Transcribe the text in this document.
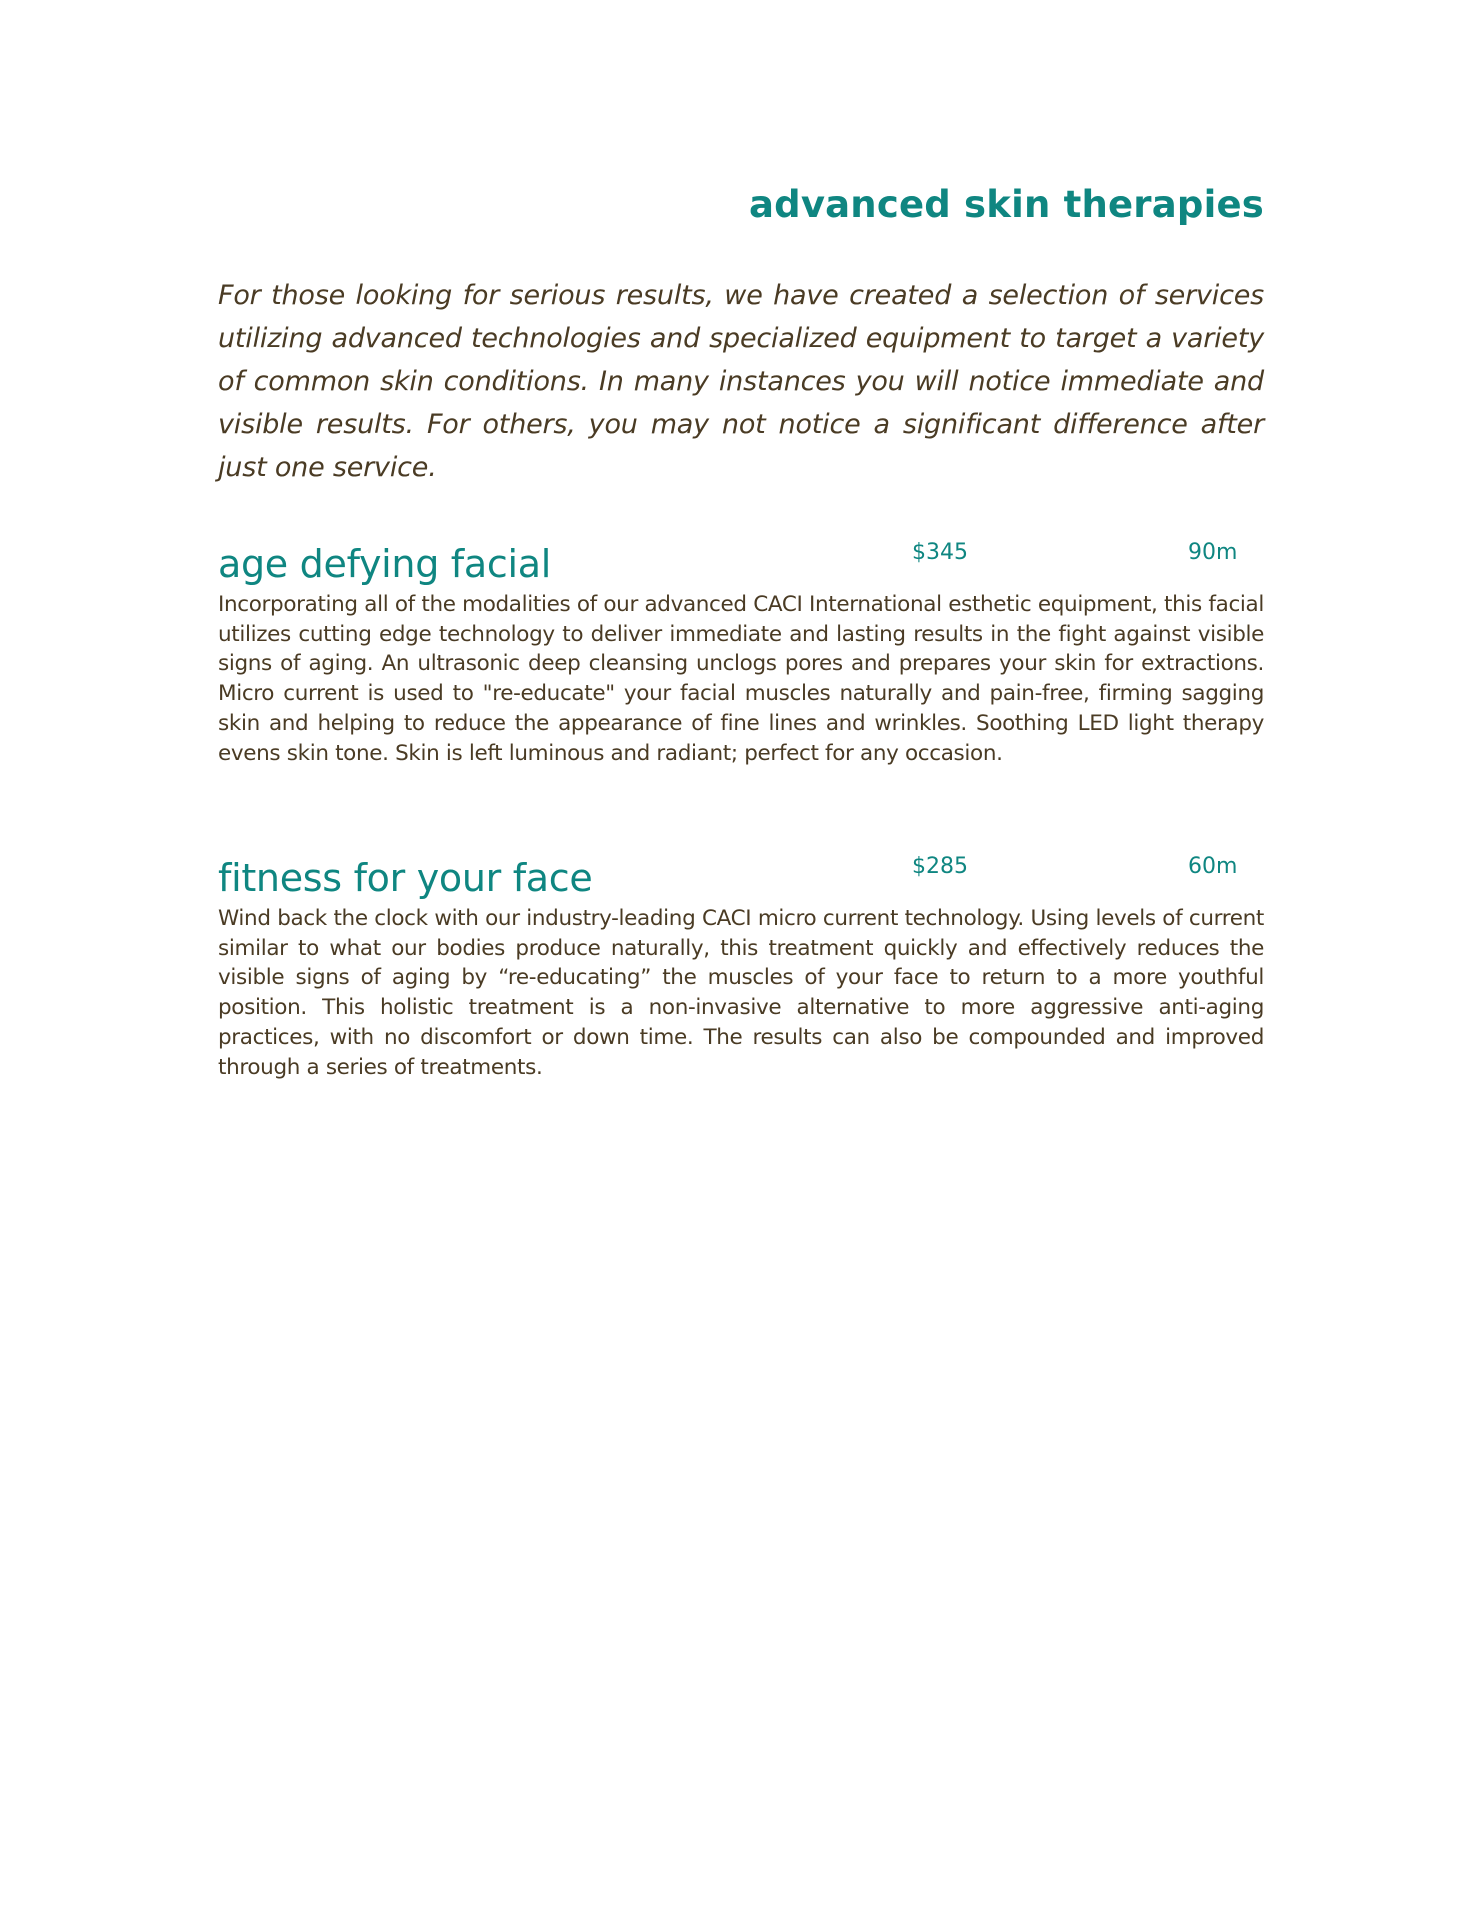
advanced skin therapies

For those looking for serious results, we have created a selection of services utilizing advanced technologies and specialized equipment to target a variety of common skin conditions. In many instances you will notice immediate and visible results. For others, you may not notice a significant difference after just one service.

age defying facial	$345	90m

Incorporating all of the modalities of our advanced CACI International esthetic equipment, this facial utilizes cutting edge technology to deliver immediate and lasting results in the fight against visible signs of aging. An ultrasonic deep cleansing unclogs pores and prepares your skin for extractions. Micro current is used to "re-educate" your facial muscles naturally and pain-free, firming sagging skin and helping to reduce the appearance of fine lines and wrinkles. Soothing LED light therapy evens skin tone. Skin is left luminous and radiant; perfect for any occasion.

fitness for your face	$285	60m

Wind back the clock with our industry-leading CACI micro current technology. Using levels of current similar to what our bodies produce naturally, this treatment quickly and effectively reduces the visible signs of aging by “re-educating” the muscles of your face to return to a more youthful position. This holistic treatment is a non-invasive alternative to more aggressive anti-aging practices, with no discomfort or down time. The results can also be compounded and improved through a series of treatments.
